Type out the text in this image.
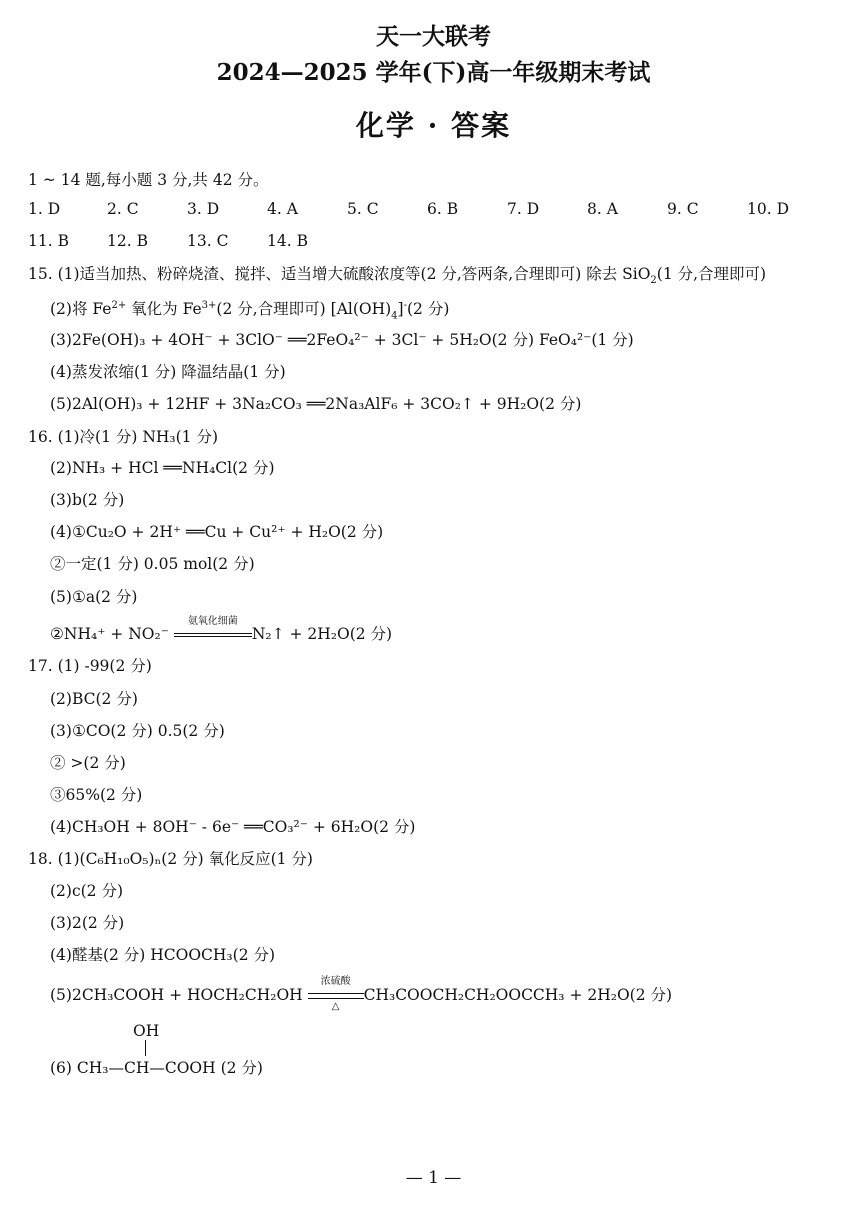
天一大联考
2024—2025 学年(下)高一年级期末考试
化学 · 答案
1 ~ 14 题,每小题 3 分,共 42 分。
1. D	2. C	3. D	4. A	5. C	6. B	7. D	8. A	9. C	10. D
11. B 12. B	13. C 14. B
15. (1)适当加热、粉碎烧渣、搅拌、适当增大硫酸浓度等(2 分,答两条,合理即可) 除去 SiO$_2$(1 分,合理即可)
(2)将 $Fe^{2+}$ 氧化为 $Fe^{3+}(2$ 分,合理即可) $[Al(OH)_4]^-(2$ 分)
(3)2Fe(OH)₃ + 4OH⁻ + 3ClO⁻ ══2FeO₄²⁻ + 3Cl⁻ + 5H₂O(2 分) FeO₄²⁻(1 分)
(4)蒸发浓缩(1 分) 降温结晶(1 分)
(5)2Al(OH)₃ + 12HF + 3Na₂CO₃ ══2Na₃AlF₆ + 3CO₂↑ + 9H₂O(2 分)
16. (1)冷(1 分) NH₃(1 分)
(2)NH₃ + HCl ══NH₄Cl(2 分)
(3)b(2 分)
(4)①Cu₂O + 2H⁺ ══Cu + Cu²⁺ + H₂O(2 分)
②一定(1 分) 0.05 mol(2 分)
(5)①a(2 分)
②NH₄⁺ + NO₂⁻
氨氧化细菌
N₂↑ + 2H₂O(2 分)
17. (1) -99(2 分)
(2)BC(2 分)
(3)①CO(2 分) 0.5(2 分)
② >(2 分)
③65%(2 分)
(4)CH₃OH + 8OH⁻ - 6e⁻ ══CO₃²⁻ + 6H₂O(2 分)
18. (1)(C₆H₁₀O₅)ₙ(2 分) 氧化反应(1 分)
(2)c(2 分)
(3)2(2 分)
(4)醛基(2 分) HCOOCH₃(2 分)
(5)2CH₃COOH + HOCH₂CH₂OH
浓硫酸
△
CH₃COOCH₂CH₂OOCCH₃ + 2H₂O(2 分)
OH
(6) CH₃—CH—COOH (2 分)
— 1 —
